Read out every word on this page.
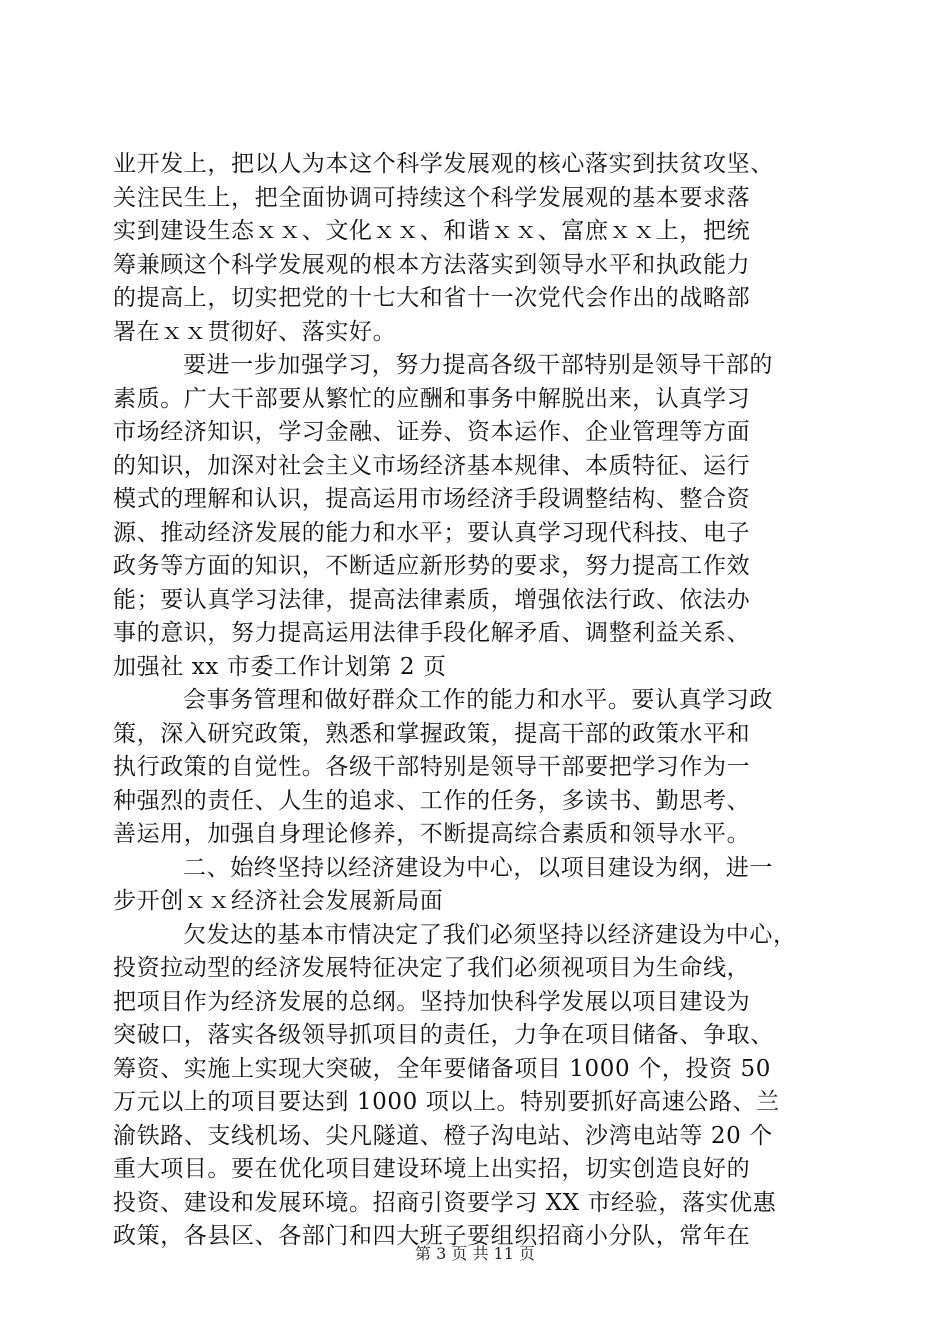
业开发上，把以人为本这个科学发展观的核心落实到扶贫攻坚、
关注民生上，把全面协调可持续这个科学发展观的基本要求落
实到建设生态ｘｘ、文化ｘｘ、和谐ｘｘ、富庶ｘｘ上，把统
筹兼顾这个科学发展观的根本方法落实到领导水平和执政能力
的提高上，切实把党的十七大和省十一次党代会作出的战略部
署在ｘｘ贯彻好、落实好。
要进一步加强学习，努力提高各级干部特别是领导干部的
素质。广大干部要从繁忙的应酬和事务中解脱出来，认真学习
市场经济知识，学习金融、证券、资本运作、企业管理等方面
的知识，加深对社会主义市场经济基本规律、本质特征、运行
模式的理解和认识，提高运用市场经济手段调整结构、整合资
源、推动经济发展的能力和水平；要认真学习现代科技、电子
政务等方面的知识，不断适应新形势的要求，努力提高工作效
能；要认真学习法律，提高法律素质，增强依法行政、依法办
事的意识，努力提高运用法律手段化解矛盾、调整利益关系、
加强社 xx 市委工作计划第 2 页
会事务管理和做好群众工作的能力和水平。要认真学习政
策，深入研究政策，熟悉和掌握政策，提高干部的政策水平和
执行政策的自觉性。各级干部特别是领导干部要把学习作为一
种强烈的责任、人生的追求、工作的任务，多读书、勤思考、
善运用，加强自身理论修养，不断提高综合素质和领导水平。
二、始终坚持以经济建设为中心，以项目建设为纲，进一
步开创ｘｘ经济社会发展新局面
欠发达的基本市情决定了我们必须坚持以经济建设为中心，
投资拉动型的经济发展特征决定了我们必须视项目为生命线，
把项目作为经济发展的总纲。坚持加快科学发展以项目建设为
突破口，落实各级领导抓项目的责任，力争在项目储备、争取、
筹资、实施上实现大突破，全年要储备项目 1000 个，投资 50
万元以上的项目要达到 1000 项以上。特别要抓好高速公路、兰
渝铁路、支线机场、尖凡隧道、橙子沟电站、沙湾电站等 20 个
重大项目。要在优化项目建设环境上出实招，切实创造良好的
投资、建设和发展环境。招商引资要学习 XX 市经验，落实优惠
政策，各县区、各部门和四大班子要组织招商小分队，常年在
第 3 页 共 11 页
